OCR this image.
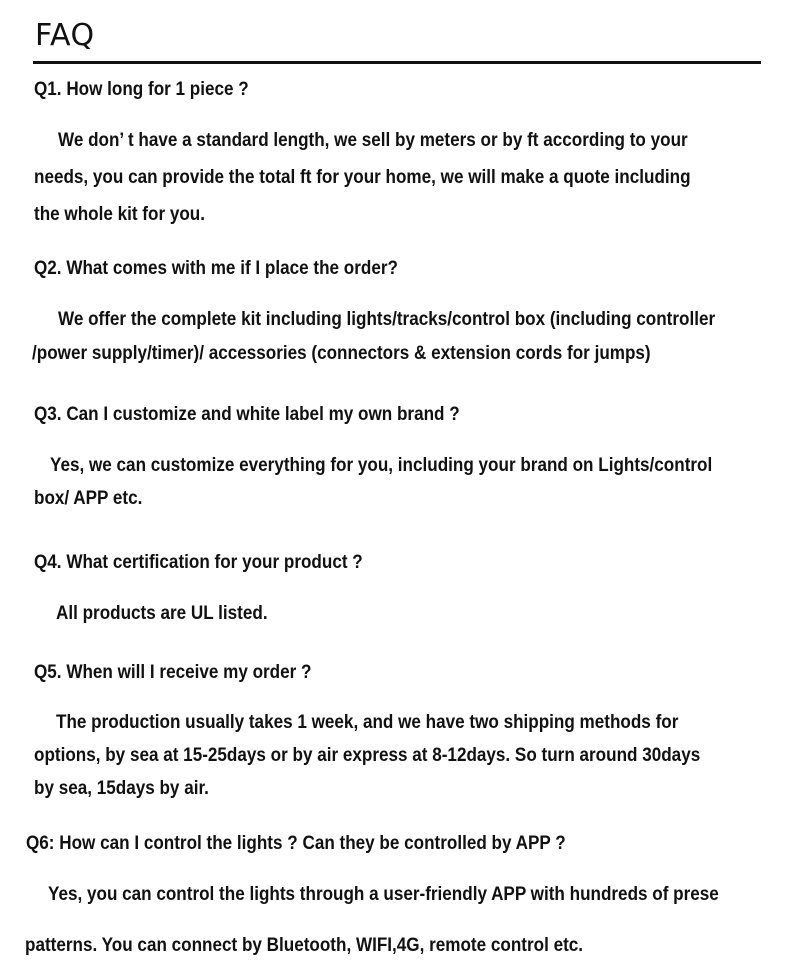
FAQ

Q1. How long for 1 piece ?

We don’ t have a standard length, we sell by meters or by ft according to your

needs, you can provide the total ft for your home, we will make a quote including

the whole kit for you.

Q2. What comes with me if I place the order?

We offer the complete kit including lights/tracks/control box (including controller

/power supply/timer)/ accessories (connectors & extension cords for jumps)

Q3. Can I customize and white label my own brand ?

Yes, we can customize everything for you, including your brand on Lights/control

box/ APP etc.

Q4. What certification for your product ?

All products are UL listed.

Q5. When will I receive my order ?

The production usually takes 1 week, and we have two shipping methods for

options, by sea at 15-25days or by air express at 8-12days. So turn around 30days

by sea, 15days by air.

Q6: How can I control the lights ? Can they be controlled by APP ?

Yes, you can control the lights through a user-friendly APP with hundreds of prese

patterns. You can connect by Bluetooth, WIFI,4G, remote control etc.
